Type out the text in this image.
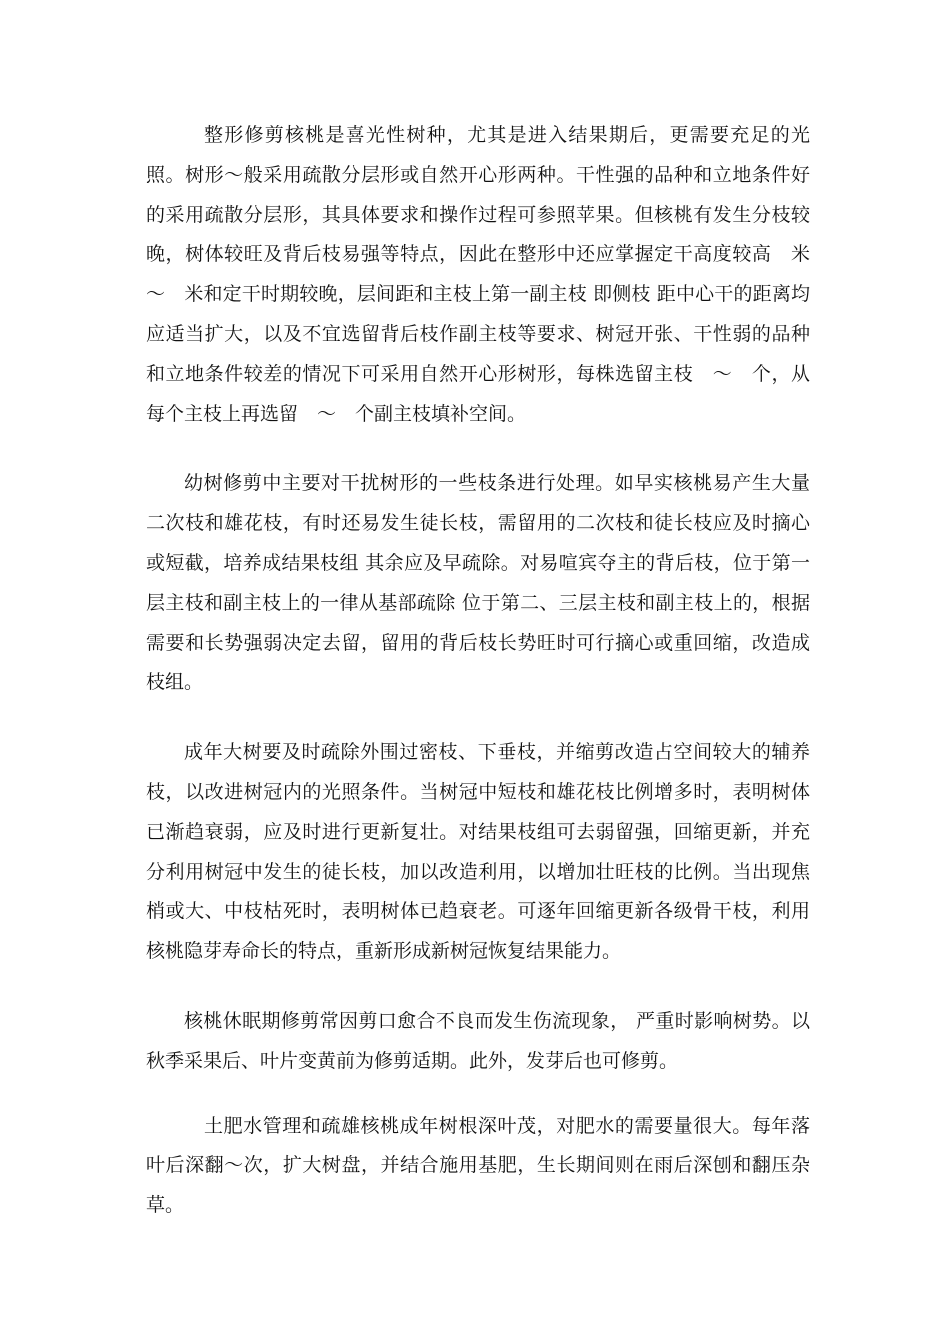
整形修剪核桃是喜光性树种，尤其是进入结果期后，更需要充足的光照。树形～般采用疏散分层形或自然开心形两种。干性强的品种和立地条件好的采用疏散分层形，其具体要求和操作过程可参照苹果。但核桃有发生分枝较晚，树体较旺及背后枝易强等特点，因此在整形中还应掌握定干高度较高　米～　米和定干时期较晚，层间距和主枝上第一副主枝 即侧枝 距中心干的距离均应适当扩大，以及不宜选留背后枝作副主枝等要求、树冠开张、干性弱的品种和立地条件较差的情况下可采用自然开心形树形，每株选留主枝　～　个，从每个主枝上再选留　～　个副主枝填补空间。

幼树修剪中主要对干扰树形的一些枝条进行处理。如早实核桃易产生大量二次枝和雄花枝，有时还易发生徒长枝，需留用的二次枝和徒长枝应及时摘心或短截，培养成结果枝组 其余应及早疏除。对易喧宾夺主的背后枝，位于第一层主枝和副主枝上的一律从基部疏除 位于第二、三层主枝和副主枝上的，根据需要和长势强弱决定去留，留用的背后枝长势旺时可行摘心或重回缩，改造成枝组。

成年大树要及时疏除外围过密枝、下垂枝，并缩剪改造占空间较大的辅养枝，以改进树冠内的光照条件。当树冠中短枝和雄花枝比例增多时，表明树体已渐趋衰弱，应及时进行更新复壮。对结果枝组可去弱留强，回缩更新，并充分利用树冠中发生的徒长枝，加以改造利用，以增加壮旺枝的比例。当出现焦梢或大、中枝枯死时，表明树体已趋衰老。可逐年回缩更新各级骨干枝，利用核桃隐芽寿命长的特点，重新形成新树冠恢复结果能力。

核桃休眠期修剪常因剪口愈合不良而发生伤流现象， 严重时影响树势。以秋季采果后、叶片变黄前为修剪适期。此外，发芽后也可修剪。

土肥水管理和疏雄核桃成年树根深叶茂，对肥水的需要量很大。每年落叶后深翻～次，扩大树盘，并结合施用基肥，生长期间则在雨后深刨和翻压杂草。
